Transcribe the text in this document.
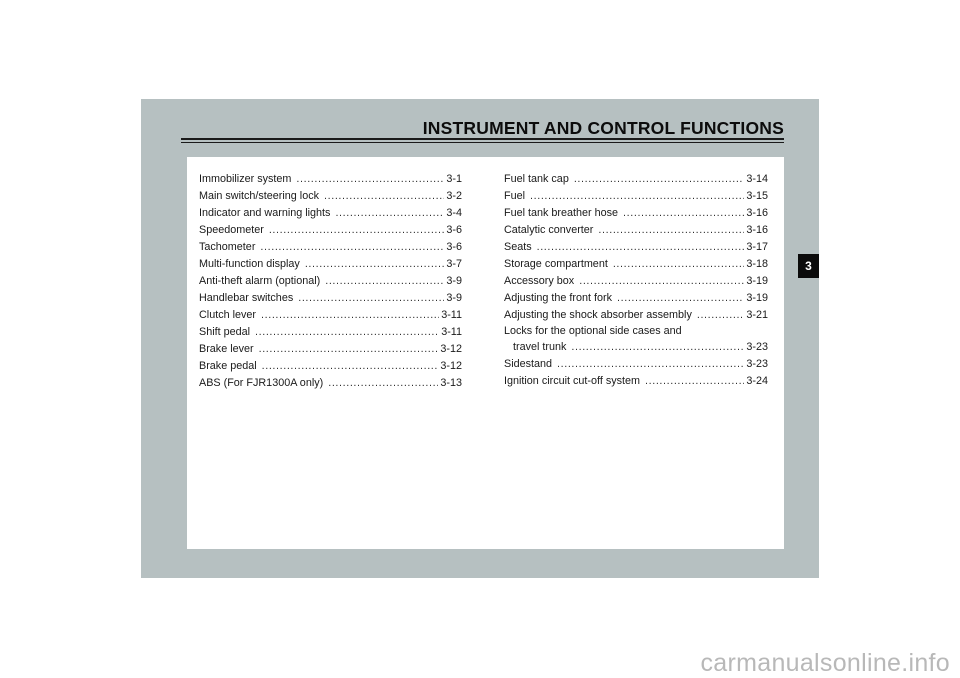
INSTRUMENT AND CONTROL FUNCTIONS
Immobilizer system .....	3-1
Main switch/steering lock .....	3-2
Indicator and warning lights .....	3-4
Speedometer .....	3-6
Tachometer .....	3-6
Multi-function display .....	3-7
Anti-theft alarm (optional) .....	3-9
Handlebar switches .....	3-9
Clutch lever .....	3-11
Shift pedal .....	3-11
Brake lever .....	3-12
Brake pedal .....	3-12
ABS (For FJR1300A only) .....	3-13
Fuel tank cap .....	3-14
Fuel .....	3-15
Fuel tank breather hose .....	3-16
Catalytic converter .....	3-16
Seats .....	3-17
Storage compartment .....	3-18
Accessory box .....	3-19
Adjusting the front fork .....	3-19
Adjusting the shock absorber assembly .....	3-21
Locks for the optional side cases and
travel trunk .....	3-23
Sidestand .....	3-23
Ignition circuit cut-off system .....	3-24
3
carmanualsonline.info
